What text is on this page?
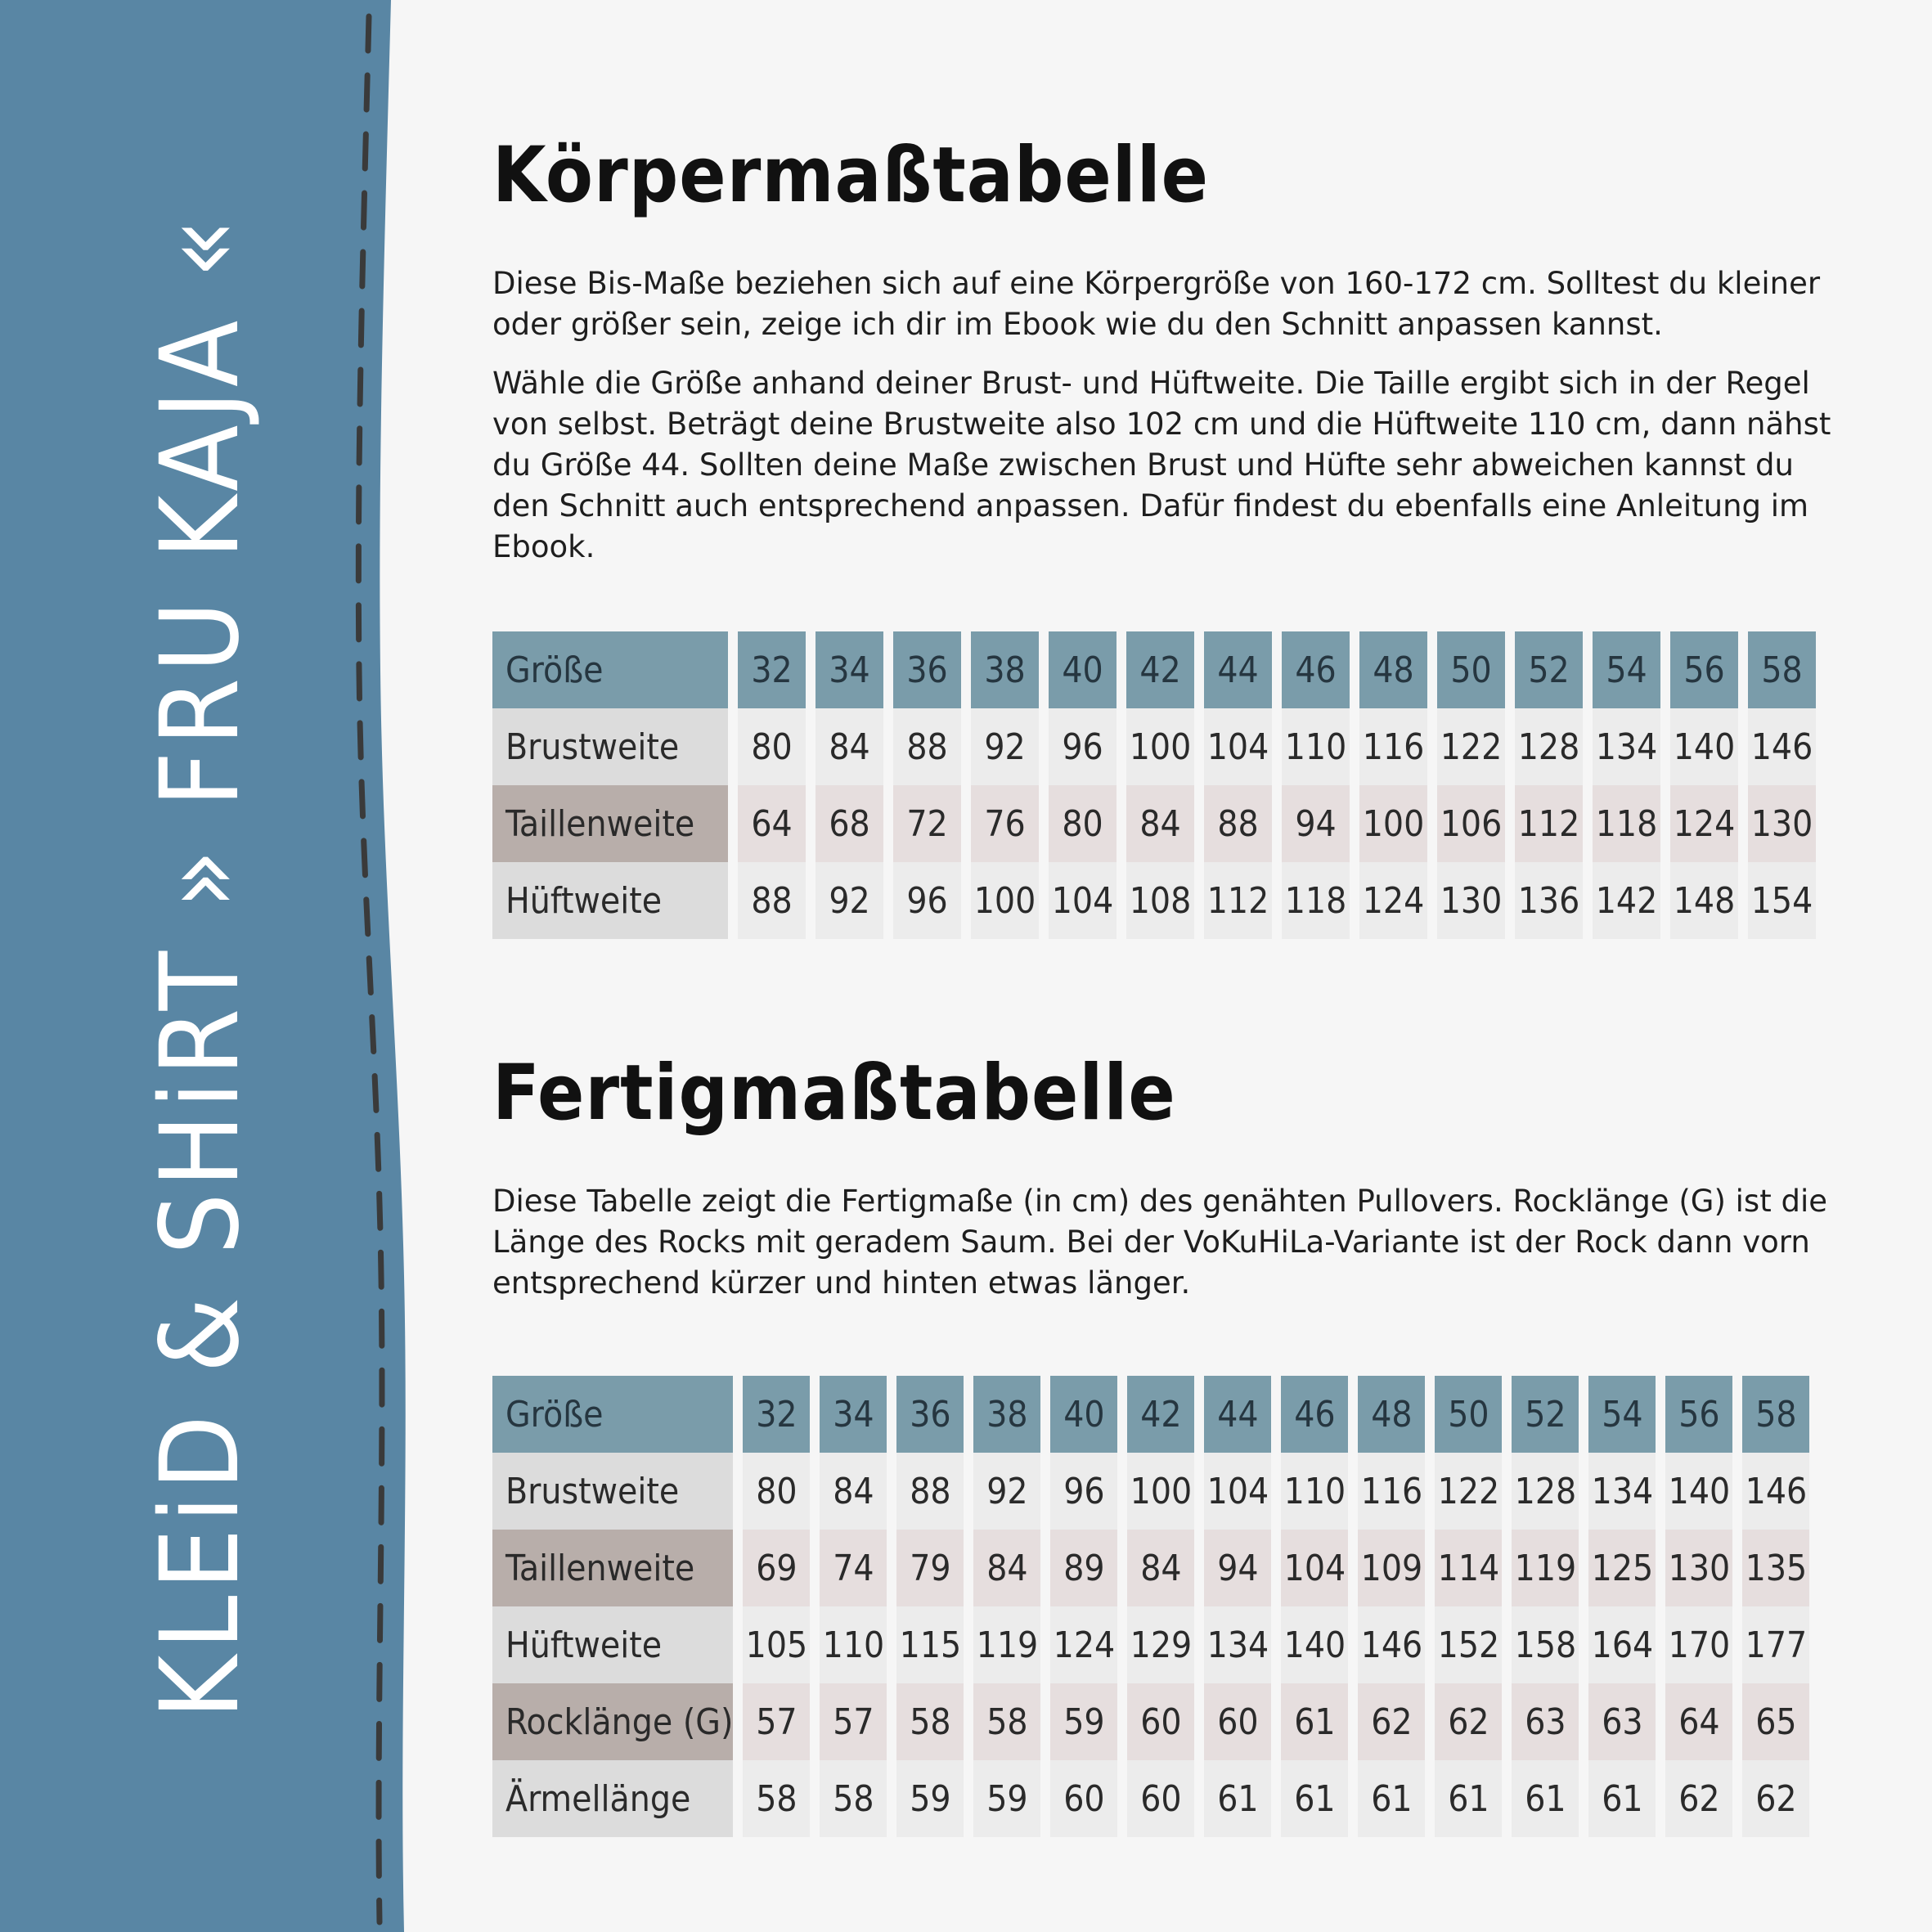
KLEiD & SHiRT » FRU KAJA «
Körpermaßtabelle

Diese Bis-Maße beziehen sich auf eine Körpergröße von 160-172 cm. Solltest du kleiner oder größer sein, zeige ich dir im Ebook wie du den Schnitt anpassen kannst.

Wähle die Größe anhand deiner Brust- und Hüftweite. Die Taille ergibt sich in der Regel von selbst. Beträgt deine Brustweite also 102 cm und die Hüftweite 110 cm, dann nähst du Größe 44. Sollten deine Maße zwischen Brust und Hüfte sehr abweichen kannst du den Schnitt auch entsprechend anpassen. Dafür findest du ebenfalls eine Anleitung im Ebook.

Größe	32	34	36	38	40	42	44	46	48	50	52	54	56	58
Brustweite	80	84	88	92	96	100	104	110	116	122	128	134	140	146
Taillenweite	64	68	72	76	80	84	88	94	100	106	112	118	124	130
Hüftweite	88	92	96	100	104	108	112	118	124	130	136	142	148	154
Fertigmaßtabelle

Diese Tabelle zeigt die Fertigmaße (in cm) des genähten Pullovers. Rocklänge (G) ist die Länge des Rocks mit geradem Saum. Bei der VoKuHiLa-Variante ist der Rock dann vorn entsprechend kürzer und hinten etwas länger.

Größe	32	34	36	38	40	42	44	46	48	50	52	54	56	58
Brustweite	80	84	88	92	96	100	104	110	116	122	128	134	140	146
Taillenweite	69	74	79	84	89	84	94	104	109	114	119	125	130	135
Hüftweite	105	110	115	119	124	129	134	140	146	152	158	164	170	177
Rocklänge (G)	57	57	58	58	59	60	60	61	62	62	63	63	64	65
Ärmellänge	58	58	59	59	60	60	61	61	61	61	61	61	62	62
